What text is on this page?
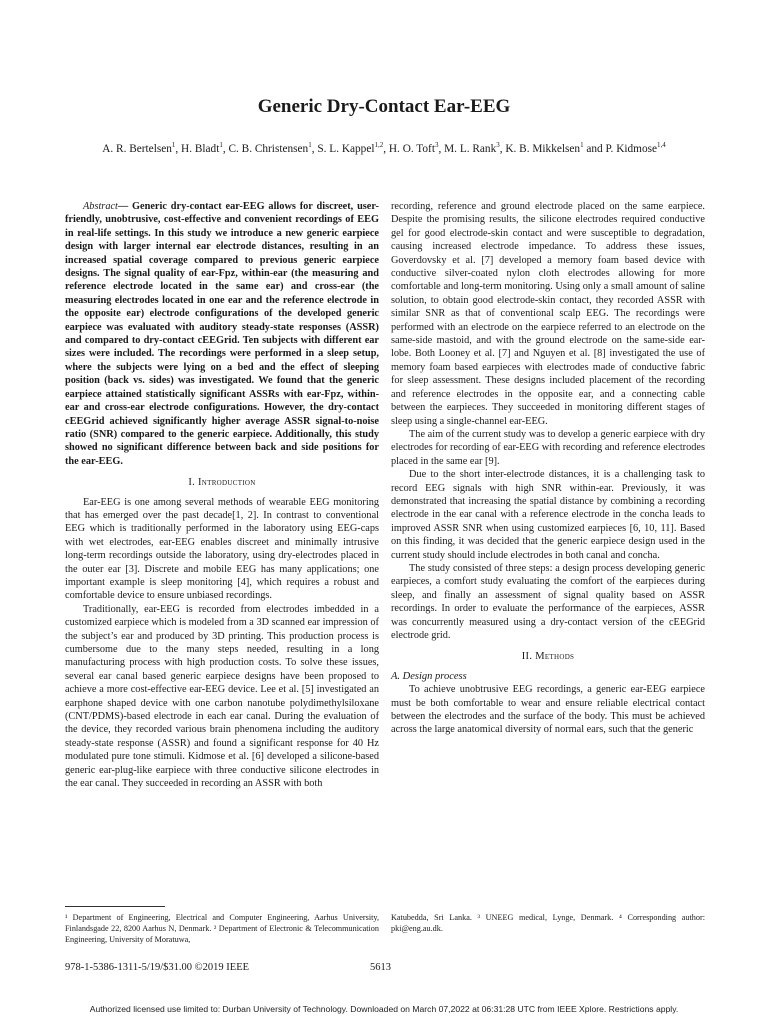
Generic Dry-Contact Ear-EEG
A. R. Bertelsen$^1$, H. Bladt$^1$, C. B. Christensen$^1$, S. L. Kappel$^{1,2}$, H. O. Toft$^3$, M. L. Rank$^3$, K. B. Mikkelsen$^1$ and P. Kidmose$^{1,4}$

Abstract— Generic dry-contact ear-EEG allows for discreet, user-friendly, unobtrusive, cost-effective and convenient recordings of EEG in real-life settings. In this study we introduce a new generic earpiece design with larger internal ear electrode distances, resulting in an increased spatial coverage compared to previous generic earpiece designs. The signal quality of ear-Fpz, within-ear (the measuring and reference electrode located in the same ear) and cross-ear (the measuring electrodes located in one ear and the reference electrode in the opposite ear) electrode configurations of the developed generic earpiece was evaluated with auditory steady-state responses (ASSR) and compared to dry-contact cEEGrid. Ten subjects with different ear sizes were included. The recordings were performed in a sleep setup, where the subjects were lying on a bed and the effect of sleeping position (back vs. sides) was investigated. We found that the generic earpiece attained statistically significant ASSRs with ear-Fpz, within-ear and cross-ear electrode configurations. However, the dry-contact cEEGrid achieved significantly higher average ASSR signal-to-noise ratio (SNR) compared to the generic earpiece. Additionally, this study showed no significant difference between back and side positions for the ear-EEG.

I. Introduction

Ear-EEG is one among several methods of wearable EEG monitoring that has emerged over the past decade[1, 2]. In contrast to conventional EEG which is traditionally performed in the laboratory using EEG-caps with wet electrodes, ear-EEG enables discreet and minimally intrusive long-term recordings outside the laboratory, using dry-electrodes placed in the outer ear [3]. Discrete and mobile EEG has many applications; one important example is sleep monitoring [4], which requires a robust and comfortable device to ensure unbiased recordings.

Traditionally, ear-EEG is recorded from electrodes imbedded in a customized earpiece which is modeled from a 3D scanned ear impression of the subject’s ear and produced by 3D printing. This production process is cumbersome due to the many steps needed, resulting in a long manufacturing process with high production costs. To solve these issues, several ear canal based generic earpiece designs have been proposed to achieve a more cost-effective ear-EEG device. Lee et al. [5] investigated an earphone shaped device with one carbon nanotube polydimethylsiloxane (CNT/PDMS)-based electrode in each ear canal. During the evaluation of the device, they recorded various brain phenomena including the auditory steady-state response (ASSR) and found a significant response for 40 Hz modulated pure tone stimuli. Kidmose et al. [6] developed a silicone-based generic ear-plug-like earpiece with three conductive silicone electrodes in the ear canal. They succeeded in recording an ASSR with both

recording, reference and ground electrode placed on the same earpiece. Despite the promising results, the silicone electrodes required conductive gel for good electrode-skin contact and were susceptible to degradation, causing increased electrode impedance. To address these issues, Goverdovsky et al. [7] developed a memory foam based device with conductive silver-coated nylon cloth electrodes allowing for more comfortable and long-term monitoring. Using only a small amount of saline solution, to obtain good electrode-skin contact, they recorded ASSR with similar SNR as that of conventional scalp EEG. The recordings were performed with an electrode on the earpiece referred to an electrode on the same-side mastoid, and with the ground electrode on the same-side ear-lobe. Both Looney et al. [7] and Nguyen et al. [8] investigated the use of memory foam based earpieces with electrodes made of conductive fabric for sleep assessment. These designs included placement of the recording and reference electrodes in the opposite ear, and a connecting cable between the earpieces. They succeeded in monitoring different stages of sleep using a single-channel ear-EEG.

The aim of the current study was to develop a generic earpiece with dry electrodes for recording of ear-EEG with recording and reference electrodes placed in the same ear [9].

Due to the short inter-electrode distances, it is a challenging task to record EEG signals with high SNR within-ear. Previously, it was demonstrated that increasing the spatial distance by combining a recording electrode in the ear canal with a reference electrode in the concha leads to improved ASSR SNR when using customized earpieces [6, 10, 11]. Based on this finding, it was decided that the generic earpiece design used in the current study should include electrodes in both canal and concha.

The study consisted of three steps: a design process developing generic earpieces, a comfort study evaluating the comfort of the earpieces during sleep, and finally an assessment of signal quality based on ASSR recordings. In order to evaluate the performance of the earpieces, ASSR was concurrently measured using a dry-contact version of the cEEGrid electrode grid.

II. Methods

A. Design process

To achieve unobtrusive EEG recordings, a generic ear-EEG earpiece must be both comfortable to wear and ensure reliable electrical contact between the electrodes and the surface of the body. This must be achieved across the large anatomical diversity of normal ears, such that the generic

¹ Department of Engineering, Electrical and Computer Engineering, Aarhus University, Finlandsgade 22, 8200 Aarhus N, Denmark. ² Department of Electronic & Telecommunication Engineering, University of Moratuwa,
Katubedda, Sri Lanka. ³ UNEEG medical, Lynge, Denmark. ⁴ Corresponding author: pki@eng.au.dk.
978-1-5386-1311-5/19/$31.00 ©2019 IEEE	5613
Authorized licensed use limited to: Durban University of Technology. Downloaded on March 07,2022 at 06:31:28 UTC from IEEE Xplore. Restrictions apply.
